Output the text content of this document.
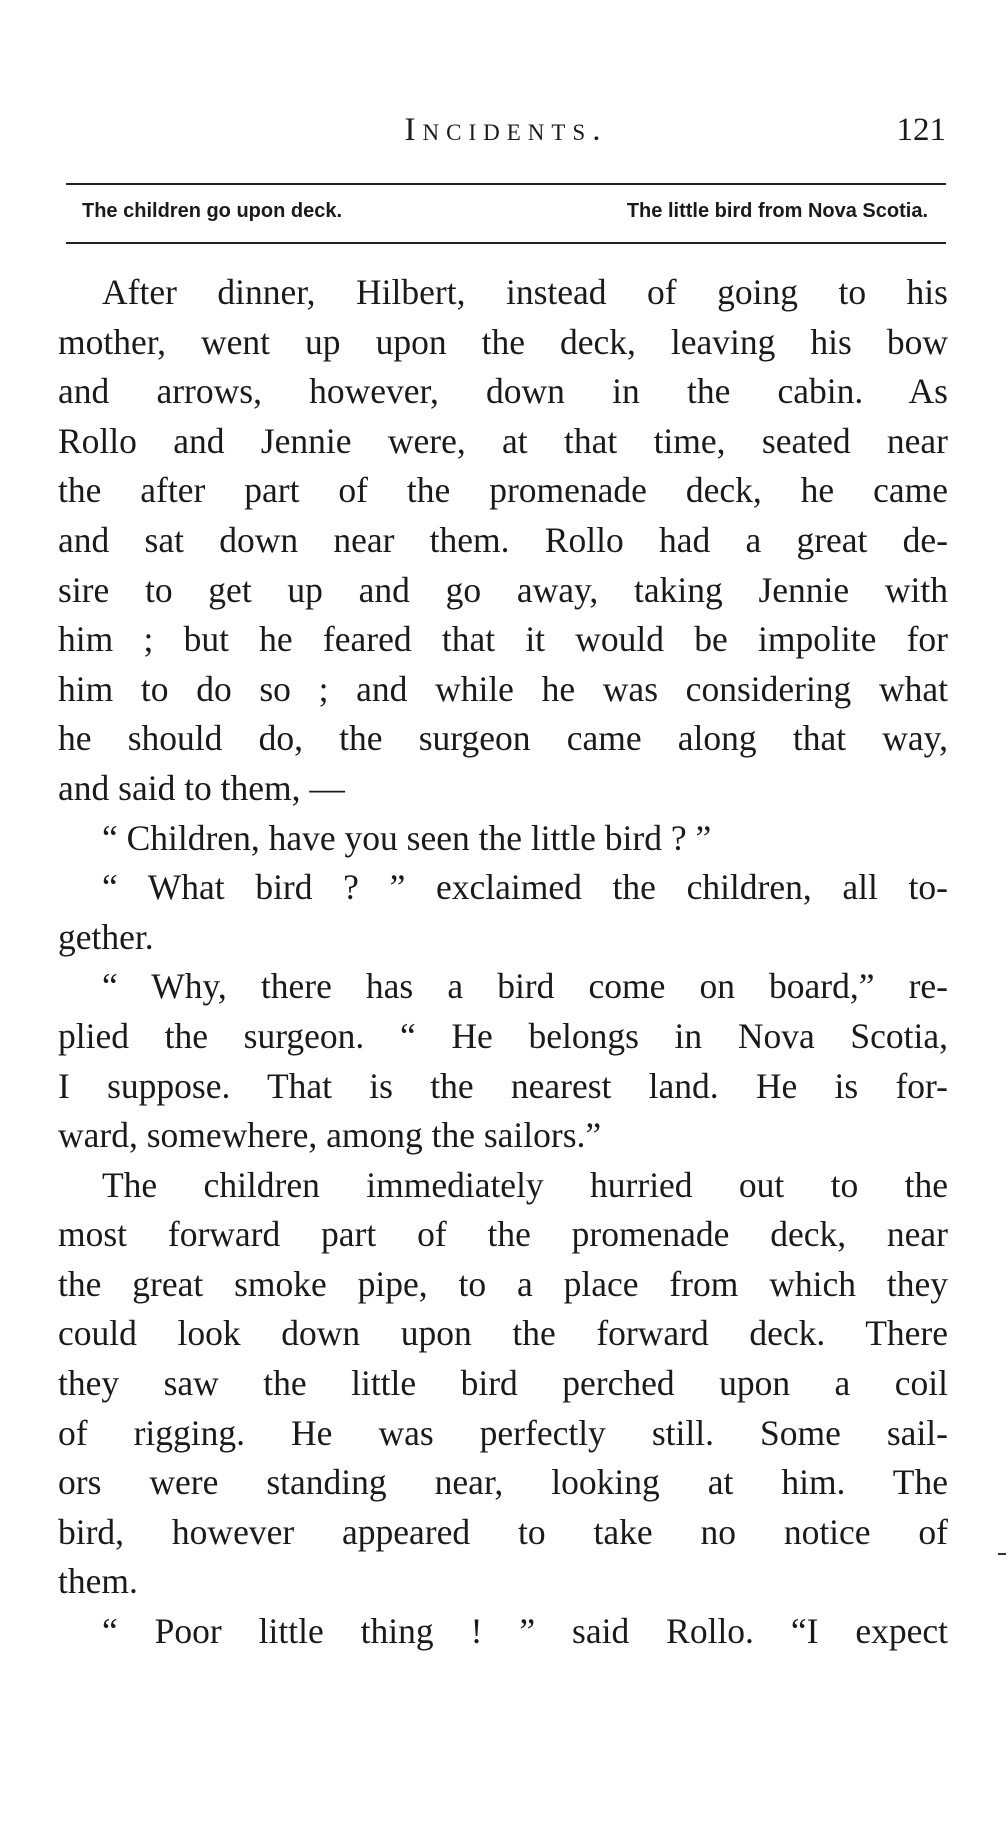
Incidents.	121
The children go upon deck.	The little bird from Nova Scotia.
After dinner, Hilbert, instead of going to his
mother, went up upon the deck, leaving his bow
and arrows, however, down in the cabin. As
Rollo and Jennie were, at that time, seated near
the after part of the promenade deck, he came
and sat down near them. Rollo had a great de-
sire to get up and go away, taking Jennie with
him ; but he feared that it would be impolite for
him to do so ; and while he was considering what
he should do, the surgeon came along that way,
and said to them, —
“ Children, have you seen the little bird ? ”
“ What bird ? ” exclaimed the children, all to-
gether.
“ Why, there has a bird come on board,” re-
plied the surgeon. “ He belongs in Nova Scotia,
I suppose. That is the nearest land. He is for-
ward, somewhere, among the sailors.”
The children immediately hurried out to the
most forward part of the promenade deck, near
the great smoke pipe, to a place from which they
could look down upon the forward deck. There
they saw the little bird perched upon a coil
of rigging. He was perfectly still. Some sail-
ors were standing near, looking at him. The
bird, however appeared to take no notice of
them.
“ Poor little thing ! ” said Rollo. “I expect
